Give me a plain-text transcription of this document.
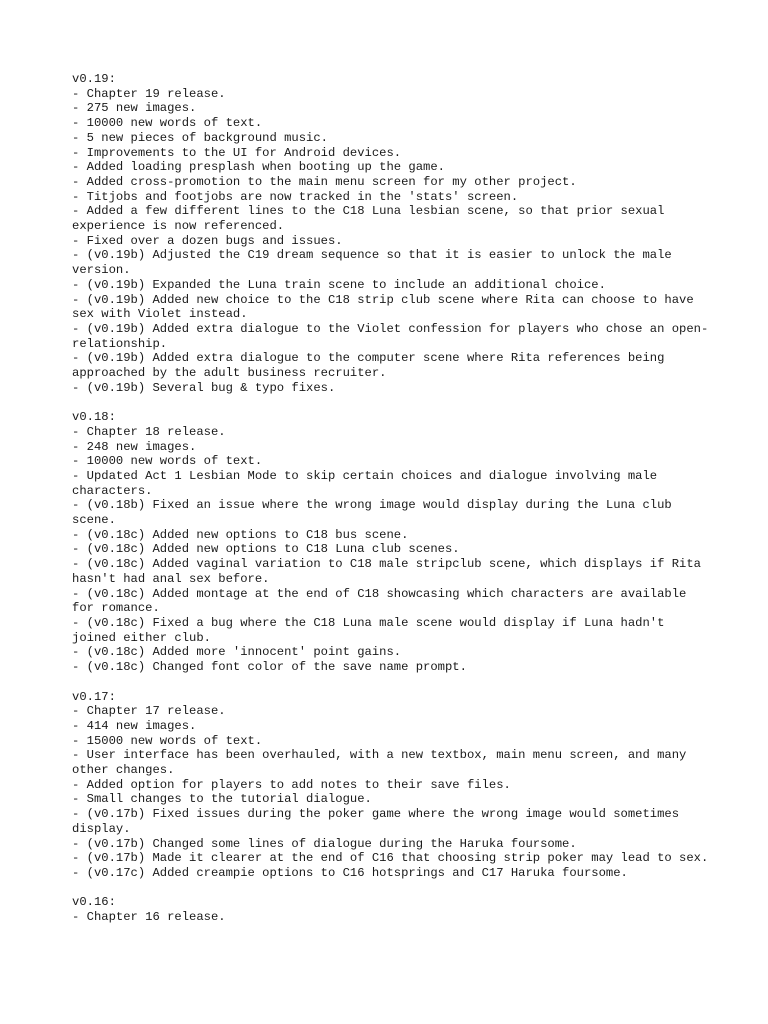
v0.19:
- Chapter 19 release.
- 275 new images.
- 10000 new words of text.
- 5 new pieces of background music.
- Improvements to the UI for Android devices.
- Added loading presplash when booting up the game.
- Added cross-promotion to the main menu screen for my other project.
- Titjobs and footjobs are now tracked in the 'stats' screen.
- Added a few different lines to the C18 Luna lesbian scene, so that prior sexual experience is now referenced.
- Fixed over a dozen bugs and issues.
- (v0.19b) Adjusted the C19 dream sequence so that it is easier to unlock the male version.
- (v0.19b) Expanded the Luna train scene to include an additional choice.
- (v0.19b) Added new choice to the C18 strip club scene where Rita can choose to have sex with Violet instead.
- (v0.19b) Added extra dialogue to the Violet confession for players who chose an open-relationship.
- (v0.19b) Added extra dialogue to the computer scene where Rita references being approached by the adult business recruiter.
- (v0.19b) Several bug & typo fixes.
v0.18:
- Chapter 18 release.
- 248 new images.
- 10000 new words of text.
- Updated Act 1 Lesbian Mode to skip certain choices and dialogue involving male characters.
- (v0.18b) Fixed an issue where the wrong image would display during the Luna club scene.
- (v0.18c) Added new options to C18 bus scene.
- (v0.18c) Added new options to C18 Luna club scenes.
- (v0.18c) Added vaginal variation to C18 male stripclub scene, which displays if Rita hasn't had anal sex before.
- (v0.18c) Added montage at the end of C18 showcasing which characters are available for romance.
- (v0.18c) Fixed a bug where the C18 Luna male scene would display if Luna hadn't joined either club.
- (v0.18c) Added more 'innocent' point gains.
- (v0.18c) Changed font color of the save name prompt.
v0.17:
- Chapter 17 release.
- 414 new images.
- 15000 new words of text.
- User interface has been overhauled, with a new textbox, main menu screen, and many other changes.
- Added option for players to add notes to their save files.
- Small changes to the tutorial dialogue.
- (v0.17b) Fixed issues during the poker game where the wrong image would sometimes display.
- (v0.17b) Changed some lines of dialogue during the Haruka foursome.
- (v0.17b) Made it clearer at the end of C16 that choosing strip poker may lead to sex.
- (v0.17c) Added creampie options to C16 hotsprings and C17 Haruka foursome.
v0.16:
- Chapter 16 release.
